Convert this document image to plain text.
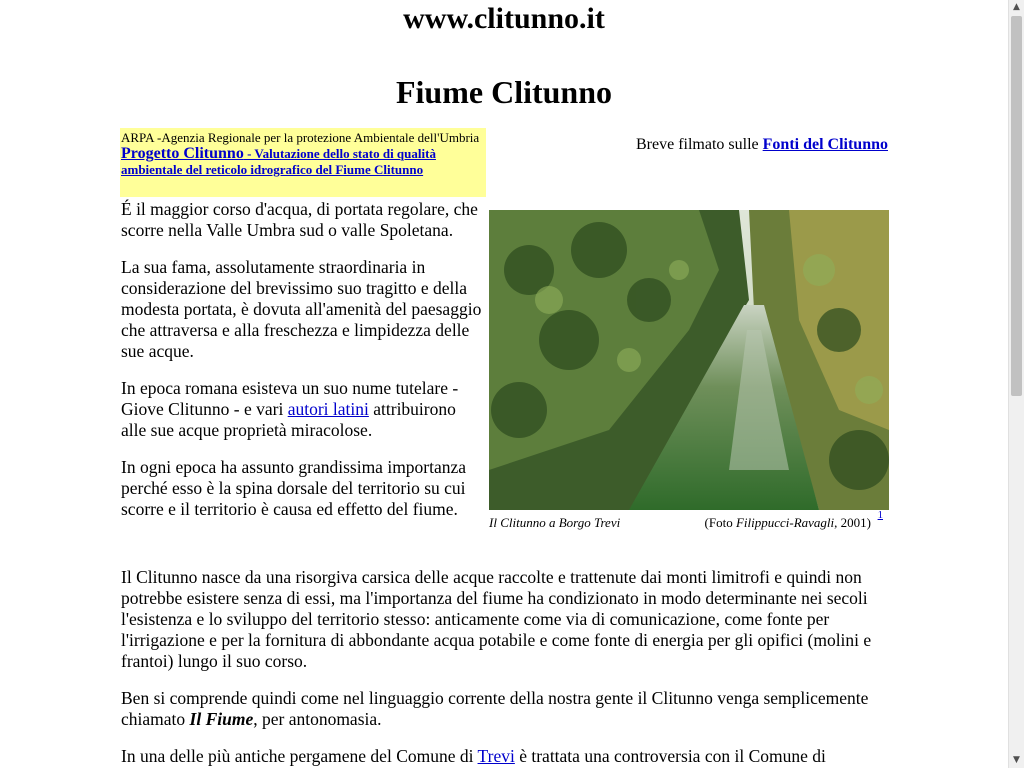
www.clitunno.it
Fiume Clitunno
ARPA -Agenzia Regionale per la protezione Ambientale dell'Umbria
Progetto Clitunno - Valutazione dello stato di qualità ambientale del reticolo idrografico del Fiume Clitunno
Breve filmato sulle Fonti del Clitunno

É il maggior corso d'acqua, di portata regolare, che scorre nella Valle Umbra sud o valle Spoletana.

La sua fama, assolutamente straordinaria in considerazione del brevissimo suo tragitto e della modesta portata, è dovuta all'amenità del paesaggio che attraversa e alla freschezza e limpidezza delle sue acque.

In epoca romana esisteva un suo nume tutelare - Giove Clitunno - e vari autori latini attribuirono alle sue acque proprietà miracolose.

In ogni epoca ha assunto grandissima importanza perché esso è la spina dorsale del territorio su cui scorre e il territorio è causa ed effetto del fiume.

Il Clitunno a Borgo Trevi	(Foto Filippucci-Ravagli, 2001) 1

Il Clitunno nasce da una risorgiva carsica delle acque raccolte e trattenute dai monti limitrofi e quindi non potrebbe esistere senza di essi, ma l'importanza del fiume ha condizionato in modo determinante nei secoli l'esistenza e lo sviluppo del territorio stesso: anticamente come via di comunicazione, come fonte per l'irrigazione e per la fornitura di abbondante acqua potabile e come fonte di energia per gli opifici (molini e frantoi) lungo il suo corso.

Ben si comprende quindi come nel linguaggio corrente della nostra gente il Clitunno venga semplicemente chiamato Il Fiume, per antonomasia.

In una delle più antiche pergamene del Comune di Trevi è trattata una controversia con il Comune di

▲
▼
